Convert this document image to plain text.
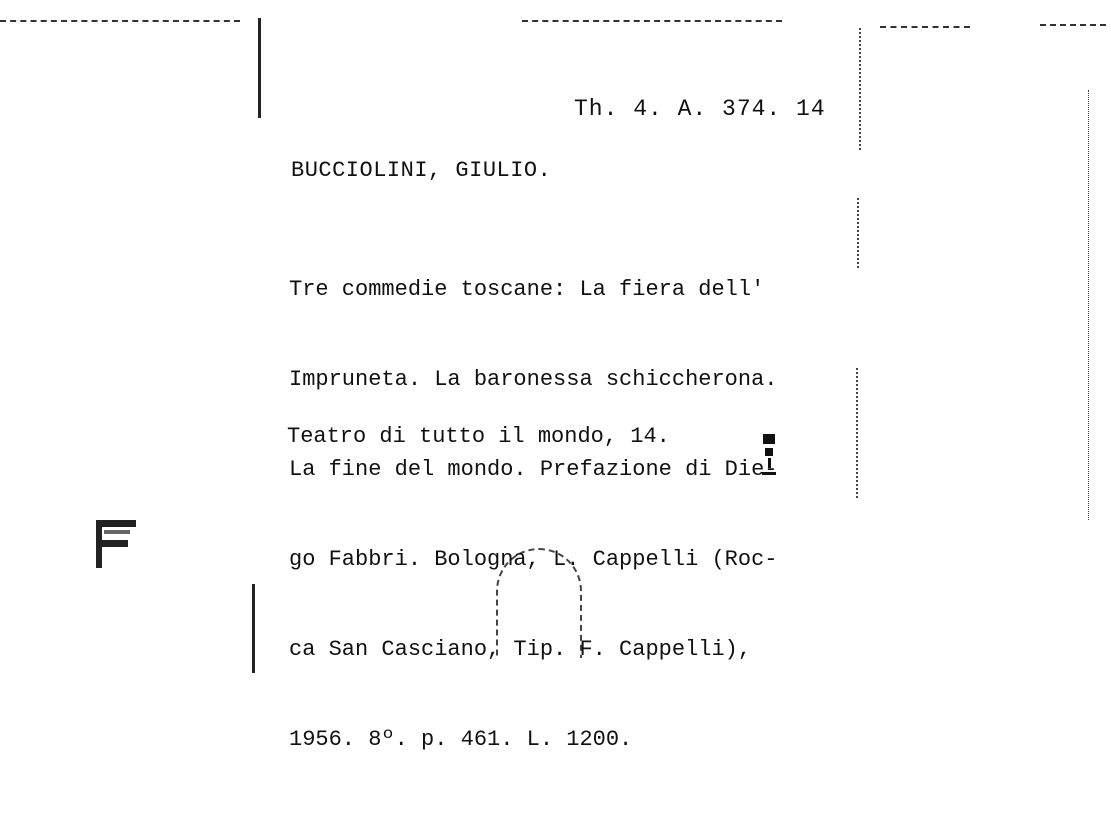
Th. 4. A. 374. 14
BUCCIOLINI, GIULIO.

Tre commedie toscane: La fiera dell'

Impruneta. La baronessa schiccherona.

La fine del mondo. Prefazione di Die-

go Fabbri. Bologna, L. Cappelli (Roc-

ca San Casciano, Tip. F. Cappelli),

1956. 8º. p. 461. L. 1200.

Teatro di tutto il mondo, 14.
